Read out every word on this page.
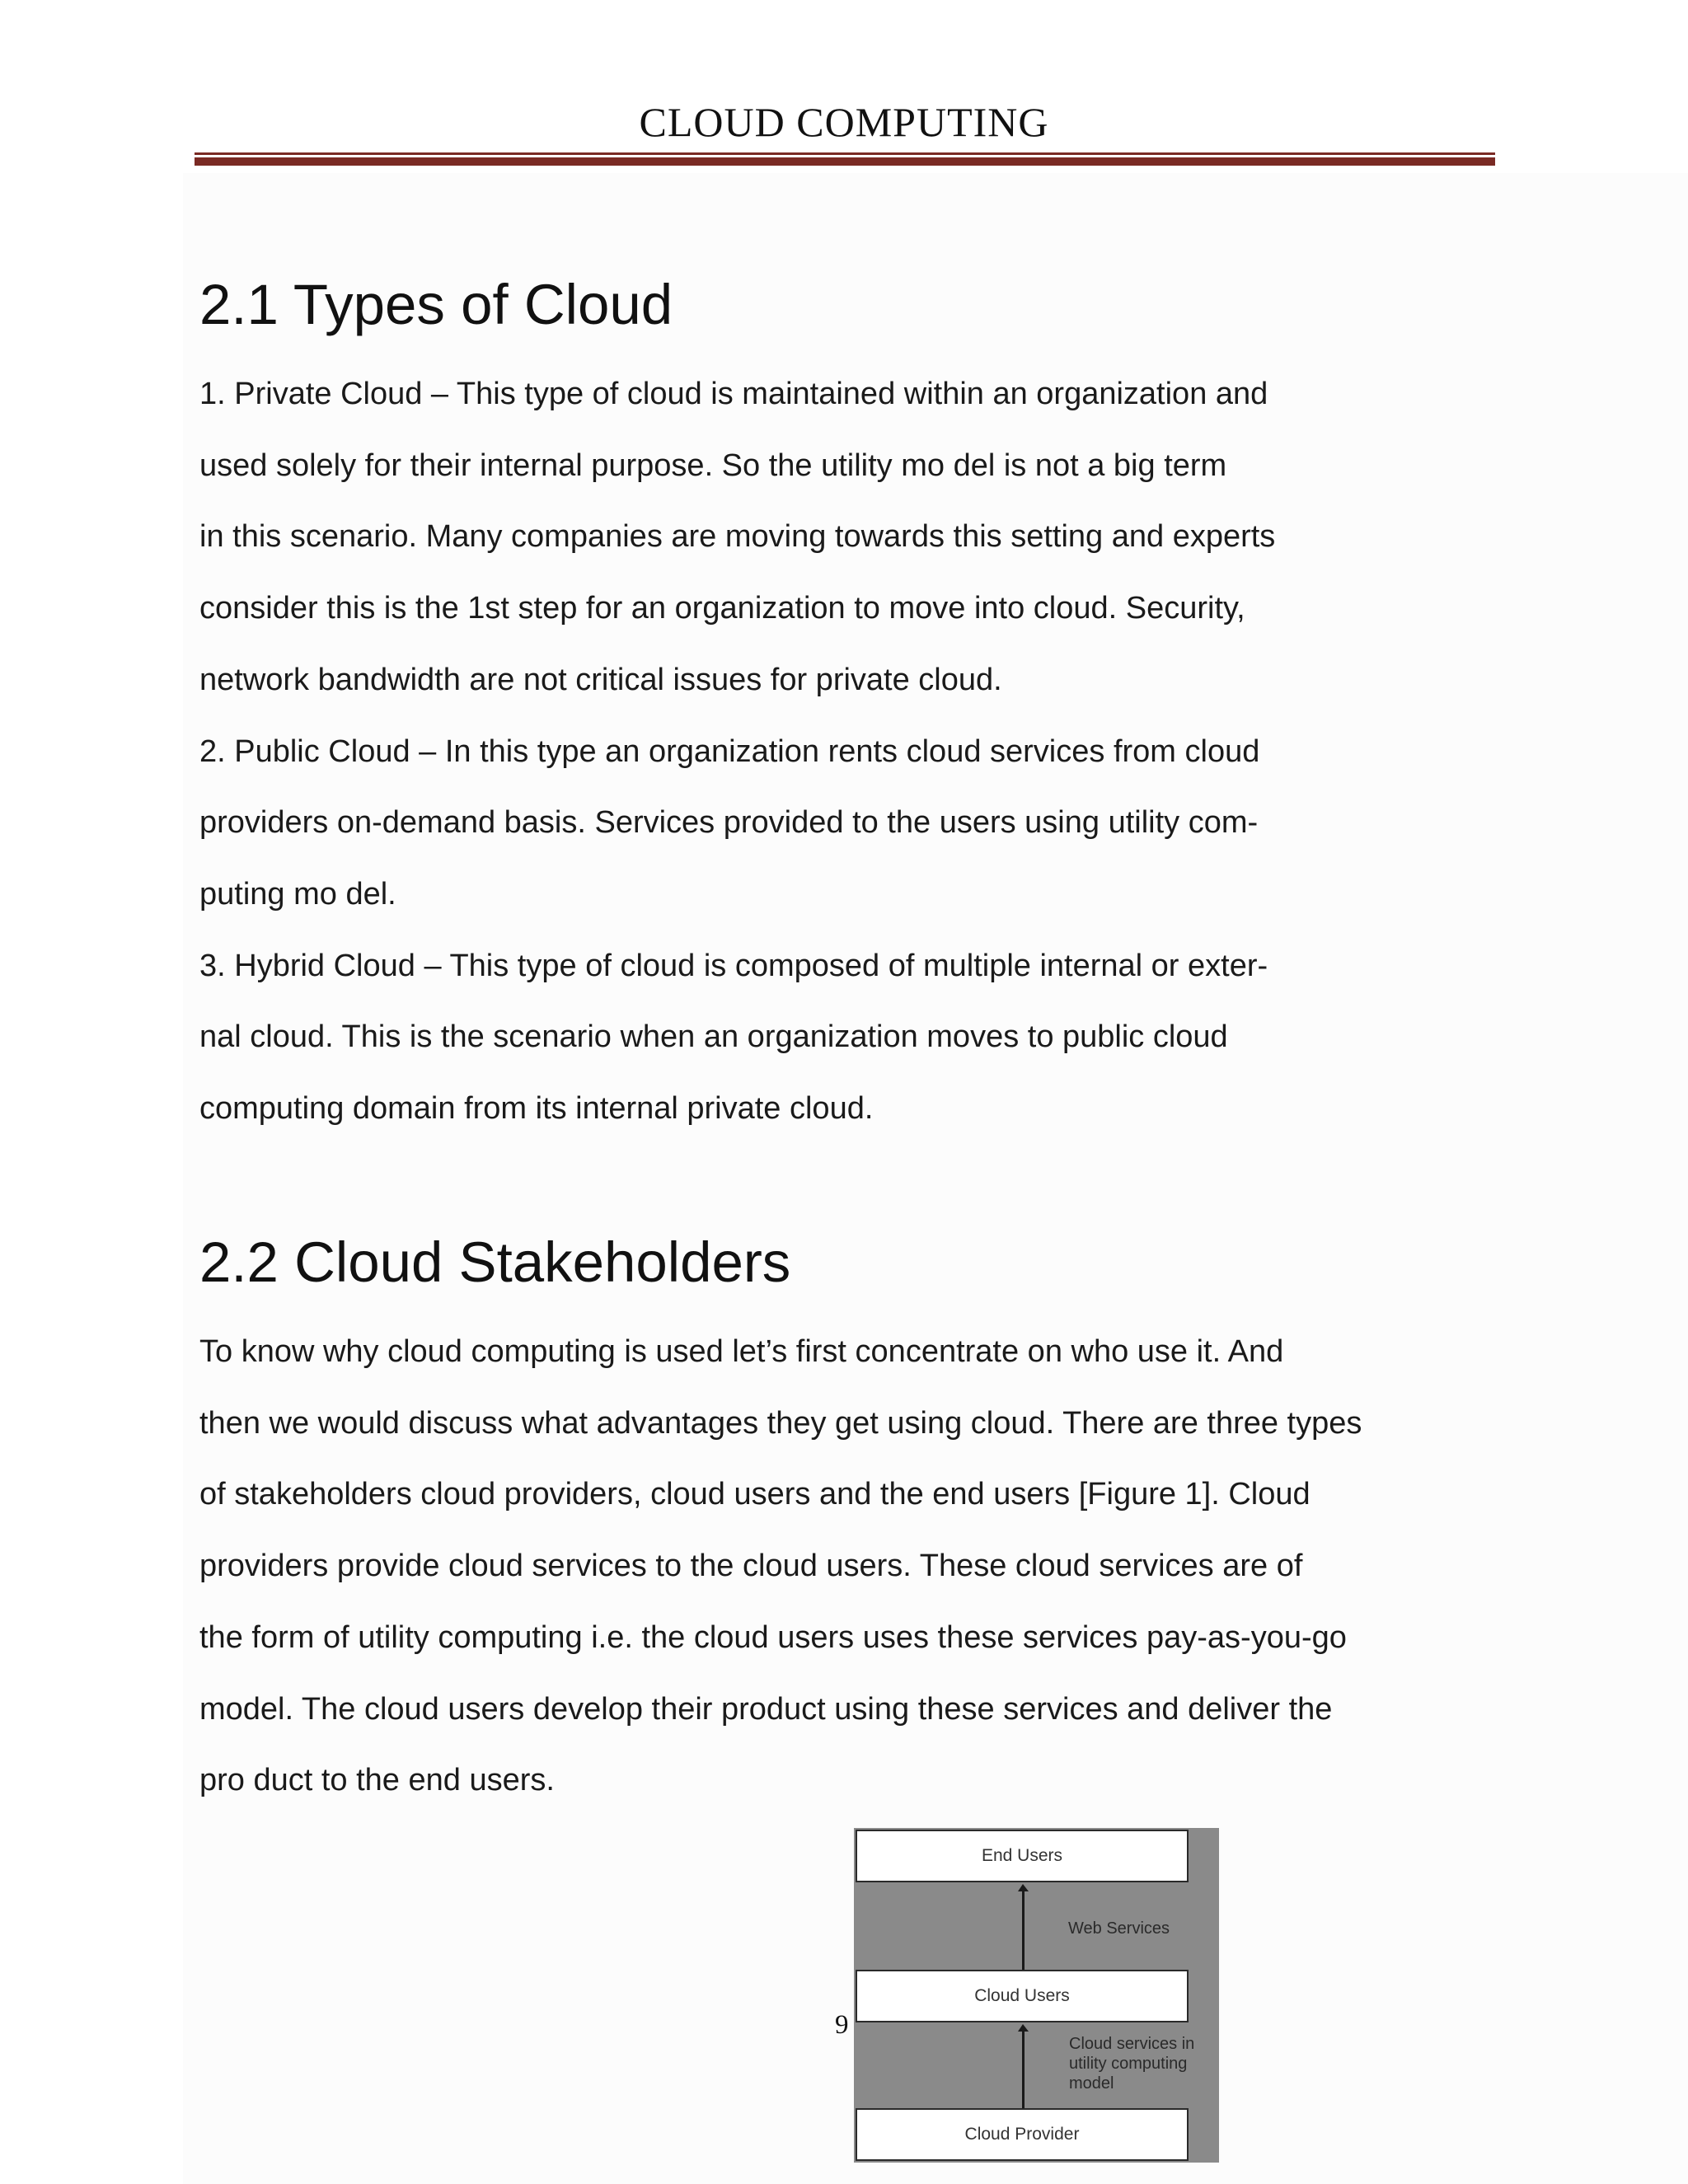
CLOUD COMPUTING
2.1 Types of Cloud
1. Private Cloud – This type of cloud is maintained within an organization and
used solely for their internal purpose. So the utility mo del is not a big term
in this scenario. Many companies are moving towards this setting and experts
consider this is the 1st step for an organization to move into cloud. Security,
network bandwidth are not critical issues for private cloud.
2. Public Cloud – In this type an organization rents cloud services from cloud
providers on-demand basis. Services provided to the users using utility com-
puting mo del.
3. Hybrid Cloud – This type of cloud is composed of multiple internal or exter-
nal cloud. This is the scenario when an organization moves to public cloud
computing domain from its internal private cloud.
2.2 Cloud Stakeholders
To know why cloud computing is used let’s first concentrate on who use it. And
then we would discuss what advantages they get using cloud. There are three types
of stakeholders cloud providers, cloud users and the end users [Figure 1]. Cloud
providers provide cloud services to the cloud users. These cloud services are of
the form of utility computing i.e. the cloud users uses these services pay-as-you-go
model. The cloud users develop their product using these services and deliver the
pro duct to the end users.
End Users
Web Services
Cloud Users
Cloud services in
utility computing
model
Cloud Provider
9
